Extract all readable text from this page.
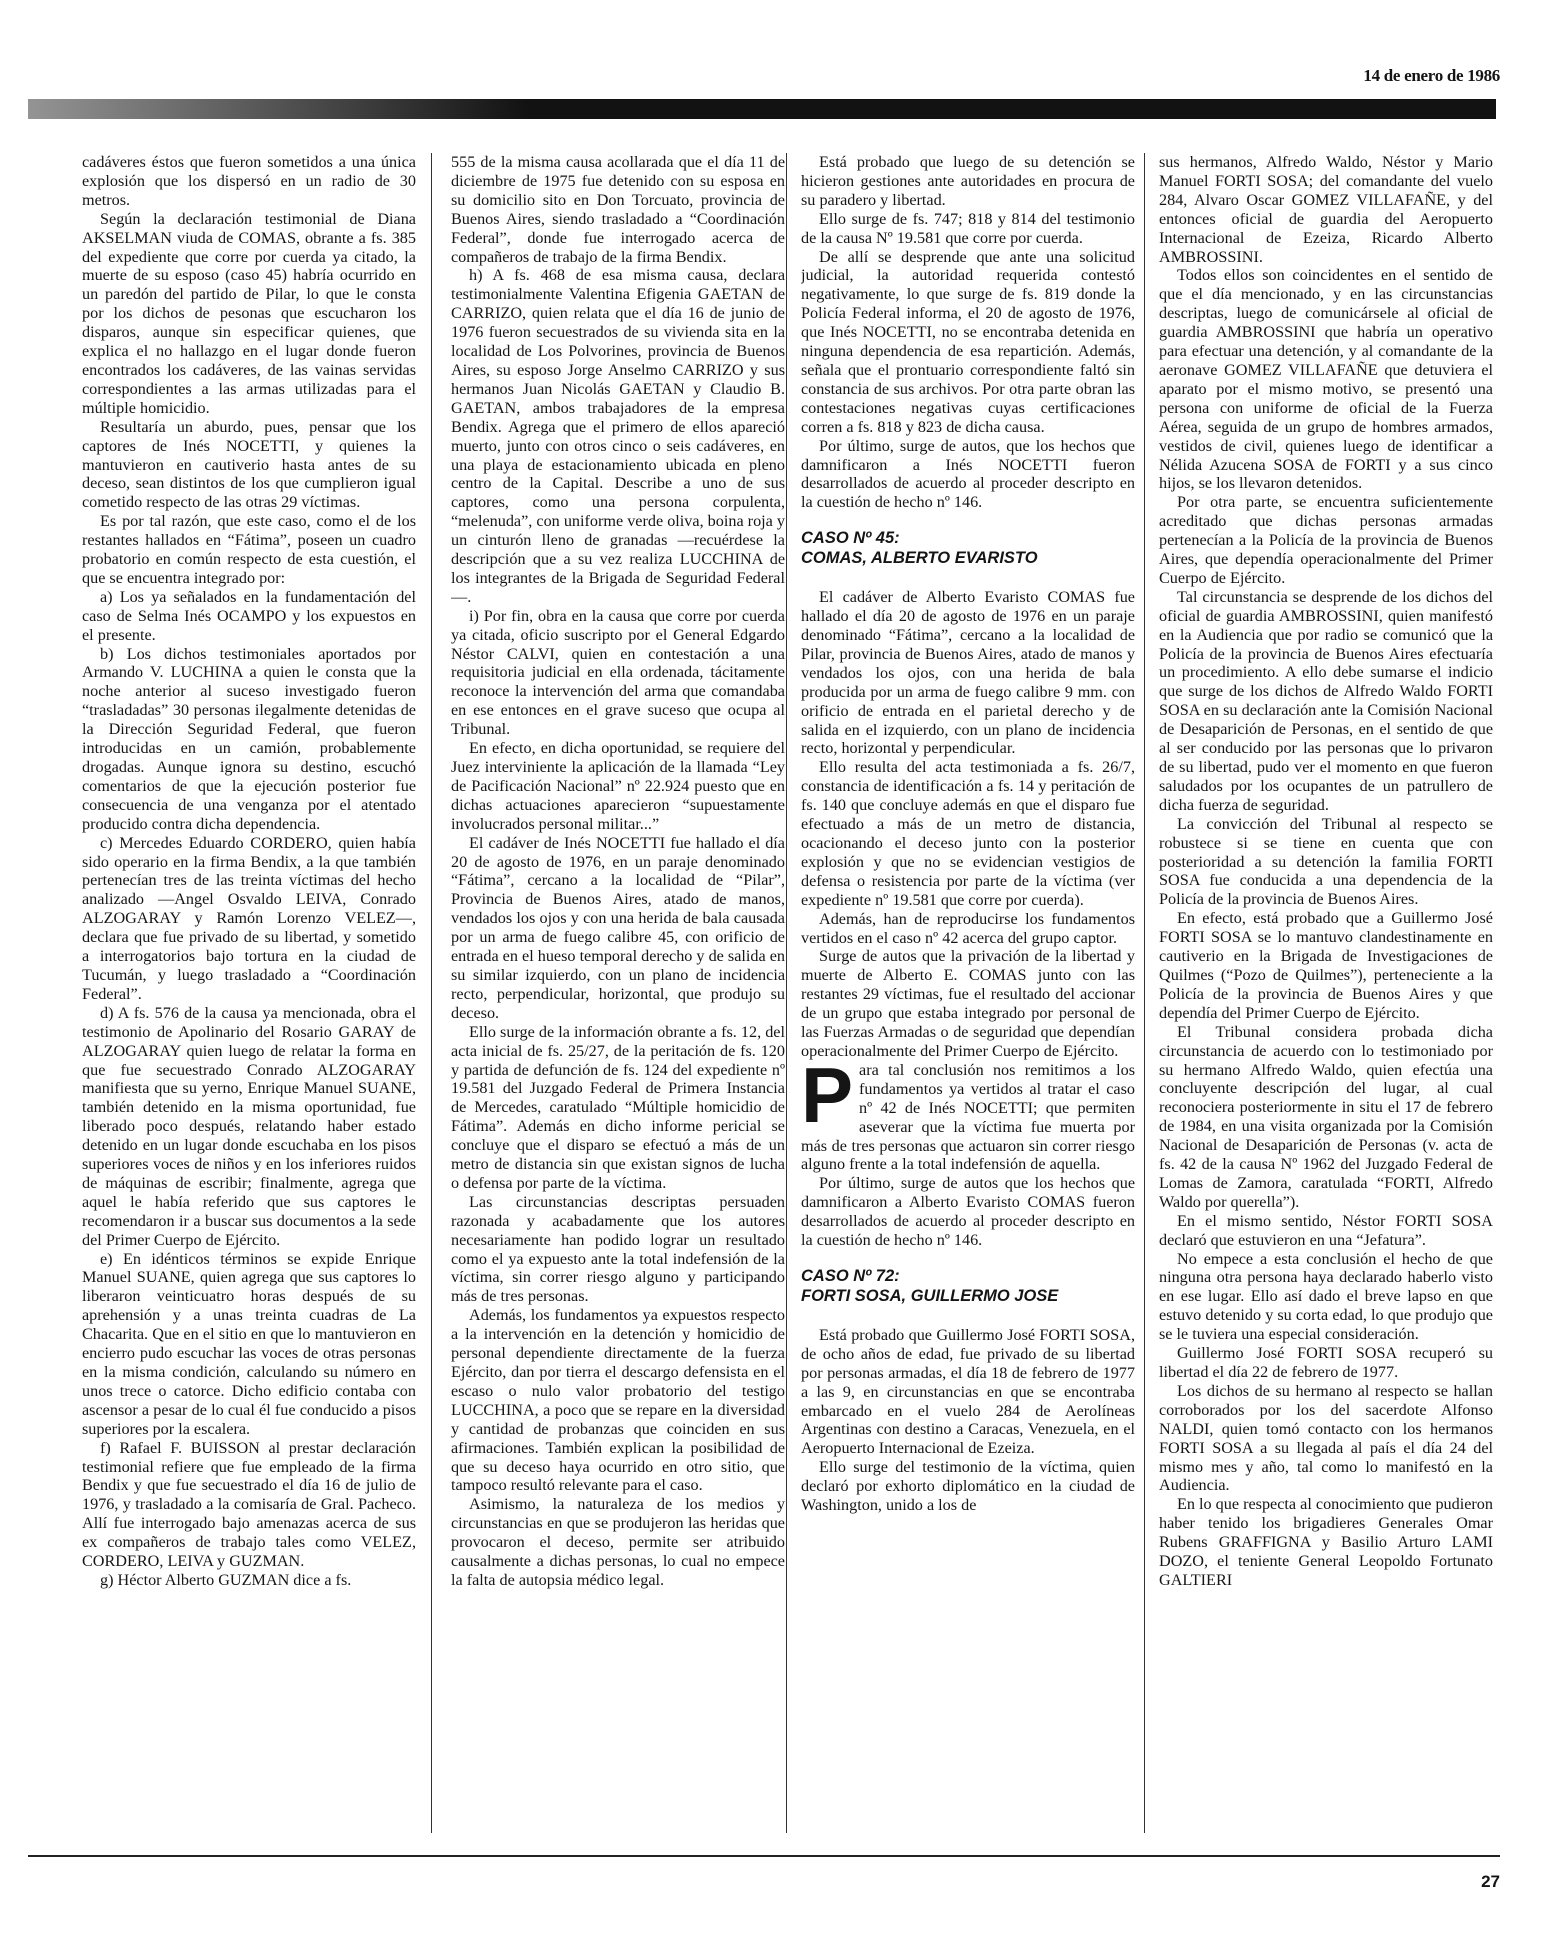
14 de enero de 1986

cadáveres éstos que fueron sometidos a una única explosión que los dispersó en un radio de 30 metros.

Según la declaración testimonial de Diana AKSELMAN viuda de COMAS, obrante a fs. 385 del expediente que corre por cuerda ya citado, la muerte de su esposo (caso 45) habría ocurrido en un paredón del partido de Pilar, lo que le consta por los dichos de pesonas que escucharon los disparos, aunque sin especificar quienes, que explica el no hallazgo en el lugar donde fueron encontrados los cadáveres, de las vainas servidas correspondientes a las armas utilizadas para el múltiple homicidio.

Resultaría un aburdo, pues, pensar que los captores de Inés NOCETTI, y quienes la mantuvieron en cautiverio hasta antes de su deceso, sean distintos de los que cumplieron igual cometido respecto de las otras 29 víctimas.

Es por tal razón, que este caso, como el de los restantes hallados en “Fátima”, poseen un cuadro probatorio en común respecto de esta cuestión, el que se encuentra integrado por:

a) Los ya señalados en la fundamentación del caso de Selma Inés OCAMPO y los expuestos en el presente.

b) Los dichos testimoniales aportados por Armando V. LUCHINA a quien le consta que la noche anterior al suceso investigado fueron “trasladadas” 30 personas ilegalmente detenidas de la Dirección Seguridad Federal, que fueron introducidas en un camión, probablemente drogadas. Aunque ignora su destino, escuchó comentarios de que la ejecución posterior fue consecuencia de una venganza por el atentado producido contra dicha dependencia.

c) Mercedes Eduardo CORDERO, quien había sido operario en la firma Bendix, a la que también pertenecían tres de las treinta víctimas del hecho analizado —Angel Osvaldo LEIVA, Conrado ALZOGARAY y Ramón Lorenzo VELEZ—, declara que fue privado de su libertad, y sometido a interrogatorios bajo tortura en la ciudad de Tucumán, y luego trasladado a “Coordinación Federal”.

d) A fs. 576 de la causa ya mencionada, obra el testimonio de Apolinario del Rosario GARAY de ALZOGARAY quien luego de relatar la forma en que fue secuestrado Conrado ALZOGARAY manifiesta que su yerno, Enrique Manuel SUANE, también detenido en la misma oportunidad, fue liberado poco después, relatando haber estado detenido en un lugar donde escuchaba en los pisos superiores voces de niños y en los inferiores ruidos de máquinas de escribir; finalmente, agrega que aquel le había referido que sus captores le recomendaron ir a buscar sus documentos a la sede del Primer Cuerpo de Ejército.

e) En idénticos términos se expide Enrique Manuel SUANE, quien agrega que sus captores lo liberaron veinticuatro horas después de su aprehensión y a unas treinta cuadras de La Chacarita. Que en el sitio en que lo mantuvieron en encierro pudo escuchar las voces de otras personas en la misma condición, calculando su número en unos trece o catorce. Dicho edificio contaba con ascensor a pesar de lo cual él fue conducido a pisos superiores por la escalera.

f) Rafael F. BUISSON al prestar declaración testimonial refiere que fue empleado de la firma Bendix y que fue secuestrado el día 16 de julio de 1976, y trasladado a la comisaría de Gral. Pacheco. Allí fue interrogado bajo amenazas acerca de sus ex compañeros de trabajo tales como VELEZ, CORDERO, LEIVA y GUZMAN.

g) Héctor Alberto GUZMAN dice a fs.

555 de la misma causa acollarada que el día 11 de diciembre de 1975 fue detenido con su esposa en su domicilio sito en Don Torcuato, provincia de Buenos Aires, siendo trasladado a “Coordinación Federal”, donde fue interrogado acerca de compañeros de trabajo de la firma Bendix.

h) A fs. 468 de esa misma causa, declara testimonialmente Valentina Efigenia GAETAN de CARRIZO, quien relata que el día 16 de junio de 1976 fueron secuestrados de su vivienda sita en la localidad de Los Polvorines, provincia de Buenos Aires, su esposo Jorge Anselmo CARRIZO y sus hermanos Juan Nicolás GAETAN y Claudio B. GAETAN, ambos trabajadores de la empresa Bendix. Agrega que el primero de ellos apareció muerto, junto con otros cinco o seis cadáveres, en una playa de estacionamiento ubicada en pleno centro de la Capital. Describe a uno de sus captores, como una persona corpulenta, “melenuda”, con uniforme verde oliva, boina roja y un cinturón lleno de granadas —recuérdese la descripción que a su vez realiza LUCCHINA de los integrantes de la Brigada de Seguridad Federal—.

i) Por fin, obra en la causa que corre por cuerda ya citada, oficio suscripto por el General Edgardo Néstor CALVI, quien en contestación a una requisitoria judicial en ella ordenada, tácitamente reconoce la intervención del arma que comandaba en ese entonces en el grave suceso que ocupa al Tribunal.

En efecto, en dicha oportunidad, se requiere del Juez interviniente la aplicación de la llamada “Ley de Pacificación Nacional” nº 22.924 puesto que en dichas actuaciones aparecieron “supuestamente involucrados personal militar...”

El cadáver de Inés NOCETTI fue hallado el día 20 de agosto de 1976, en un paraje denominado “Fátima”, cercano a la localidad de “Pilar”, Provincia de Buenos Aires, atado de manos, vendados los ojos y con una herida de bala causada por un arma de fuego calibre 45, con orificio de entrada en el hueso temporal derecho y de salida en su similar izquierdo, con un plano de incidencia recto, perpendicular, horizontal, que produjo su deceso.

Ello surge de la información obrante a fs. 12, del acta inicial de fs. 25/27, de la peritación de fs. 120 y partida de defunción de fs. 124 del expediente nº 19.581 del Juzgado Federal de Primera Instancia de Mercedes, caratulado “Múltiple homicidio de Fátima”. Además en dicho informe pericial se concluye que el disparo se efectuó a más de un metro de distancia sin que existan signos de lucha o defensa por parte de la víctima.

Las circunstancias descriptas persuaden razonada y acabadamente que los autores necesariamente han podido lograr un resultado como el ya expuesto ante la total indefensión de la víctima, sin correr riesgo alguno y participando más de tres personas.

Además, los fundamentos ya expuestos respecto a la intervención en la detención y homicidio de personal dependiente directamente de la fuerza Ejército, dan por tierra el descargo defensista en el escaso o nulo valor probatorio del testigo LUCCHINA, a poco que se repare en la diversidad y cantidad de probanzas que coinciden en sus afirmaciones. También explican la posibilidad de que su deceso haya ocurrido en otro sitio, que tampoco resultó relevante para el caso.

Asimismo, la naturaleza de los medios y circunstancias en que se produjeron las heridas que provocaron el deceso, permite ser atribuido causalmente a dichas personas, lo cual no empece la falta de autopsia médico legal.

Está probado que luego de su detención se hicieron gestiones ante autoridades en procura de su paradero y libertad.

Ello surge de fs. 747; 818 y 814 del testimonio de la causa Nº 19.581 que corre por cuerda.

De allí se desprende que ante una solicitud judicial, la autoridad requerida contestó negativamente, lo que surge de fs. 819 donde la Policía Federal informa, el 20 de agosto de 1976, que Inés NOCETTI, no se encontraba detenida en ninguna dependencia de esa repartición. Además, señala que el prontuario correspondiente faltó sin constancia de sus archivos. Por otra parte obran las contestaciones negativas cuyas certificaciones corren a fs. 818 y 823 de dicha causa.

Por último, surge de autos, que los hechos que damnificaron a Inés NOCETTI fueron desarrollados de acuerdo al proceder descripto en la cuestión de hecho nº 146.

CASO Nº 45:
COMAS, ALBERTO EVARISTO

El cadáver de Alberto Evaristo COMAS fue hallado el día 20 de agosto de 1976 en un paraje denominado “Fátima”, cercano a la localidad de Pilar, provincia de Buenos Aires, atado de manos y vendados los ojos, con una herida de bala producida por un arma de fuego calibre 9 mm. con orificio de entrada en el parietal derecho y de salida en el izquierdo, con un plano de incidencia recto, horizontal y perpendicular.

Ello resulta del acta testimoniada a fs. 26/7, constancia de identificación a fs. 14 y peritación de fs. 140 que concluye además en que el disparo fue efectuado a más de un metro de distancia, ocacionando el deceso junto con la posterior explosión y que no se evidencian vestigios de defensa o resistencia por parte de la víctima (ver expediente nº 19.581 que corre por cuerda).

Además, han de reproducirse los fundamentos vertidos en el caso nº 42 acerca del grupo captor.

Surge de autos que la privación de la libertad y muerte de Alberto E. COMAS junto con las restantes 29 víctimas, fue el resultado del accionar de un grupo que estaba integrado por personal de las Fuerzas Armadas o de seguridad que dependían operacionalmente del Primer Cuerpo de Ejército.

Para tal conclusión nos remitimos a los fundamentos ya vertidos al tratar el caso nº 42 de Inés NOCETTI; que permiten aseverar que la víctima fue muerta por más de tres personas que actuaron sin correr riesgo alguno frente a la total indefensión de aquella.

Por último, surge de autos que los hechos que damnificaron a Alberto Evaristo COMAS fueron desarrollados de acuerdo al proceder descripto en la cuestión de hecho nº 146.

CASO Nº 72:
FORTI SOSA, GUILLERMO JOSE

Está probado que Guillermo José FORTI SOSA, de ocho años de edad, fue privado de su libertad por personas armadas, el día 18 de febrero de 1977 a las 9, en circunstancias en que se encontraba embarcado en el vuelo 284 de Aerolíneas Argentinas con destino a Caracas, Venezuela, en el Aeropuerto Internacional de Ezeiza.

Ello surge del testimonio de la víctima, quien declaró por exhorto diplomático en la ciudad de Washington, unido a los de

sus hermanos, Alfredo Waldo, Néstor y Mario Manuel FORTI SOSA; del comandante del vuelo 284, Alvaro Oscar GOMEZ VILLAFAÑE, y del entonces oficial de guardia del Aeropuerto Internacional de Ezeiza, Ricardo Alberto AMBROSSINI.

Todos ellos son coincidentes en el sentido de que el día mencionado, y en las circunstancias descriptas, luego de comunicársele al oficial de guardia AMBROSSINI que habría un operativo para efectuar una detención, y al comandante de la aeronave GOMEZ VILLAFAÑE que detuviera el aparato por el mismo motivo, se presentó una persona con uniforme de oficial de la Fuerza Aérea, seguida de un grupo de hombres armados, vestidos de civil, quienes luego de identificar a Nélida Azucena SOSA de FORTI y a sus cinco hijos, se los llevaron detenidos.

Por otra parte, se encuentra suficientemente acreditado que dichas personas armadas pertenecían a la Policía de la provincia de Buenos Aires, que dependía operacionalmente del Primer Cuerpo de Ejército.

Tal circunstancia se desprende de los dichos del oficial de guardia AMBROSSINI, quien manifestó en la Audiencia que por radio se comunicó que la Policía de la provincia de Buenos Aires efectuaría un procedimiento. A ello debe sumarse el indicio que surge de los dichos de Alfredo Waldo FORTI SOSA en su declaración ante la Comisión Nacional de Desaparición de Personas, en el sentido de que al ser conducido por las personas que lo privaron de su libertad, pudo ver el momento en que fueron saludados por los ocupantes de un patrullero de dicha fuerza de seguridad.

La convicción del Tribunal al respecto se robustece si se tiene en cuenta que con posterioridad a su detención la familia FORTI SOSA fue conducida a una dependencia de la Policía de la provincia de Buenos Aires.

En efecto, está probado que a Guillermo José FORTI SOSA se lo mantuvo clandestinamente en cautiverio en la Brigada de Investigaciones de Quilmes (“Pozo de Quilmes”), perteneciente a la Policía de la provincia de Buenos Aires y que dependía del Primer Cuerpo de Ejército.

El Tribunal considera probada dicha circunstancia de acuerdo con lo testimoniado por su hermano Alfredo Waldo, quien efectúa una concluyente descripción del lugar, al cual reconociera posteriormente in situ el 17 de febrero de 1984, en una visita organizada por la Comisión Nacional de Desaparición de Personas (v. acta de fs. 42 de la causa Nº 1962 del Juzgado Federal de Lomas de Zamora, caratulada “FORTI, Alfredo Waldo por querella”).

En el mismo sentido, Néstor FORTI SOSA declaró que estuvieron en una “Jefatura”.

No empece a esta conclusión el hecho de que ninguna otra persona haya declarado haberlo visto en ese lugar. Ello así dado el breve lapso en que estuvo detenido y su corta edad, lo que produjo que se le tuviera una especial consideración.

Guillermo José FORTI SOSA recuperó su libertad el día 22 de febrero de 1977.

Los dichos de su hermano al respecto se hallan corroborados por los del sacerdote Alfonso NALDI, quien tomó contacto con los hermanos FORTI SOSA a su llegada al país el día 24 del mismo mes y año, tal como lo manifestó en la Audiencia.

En lo que respecta al conocimiento que pudieron haber tenido los brigadieres Generales Omar Rubens GRAFFIGNA y Basilio Arturo LAMI DOZO, el teniente General Leopoldo Fortunato GALTIERI

27
